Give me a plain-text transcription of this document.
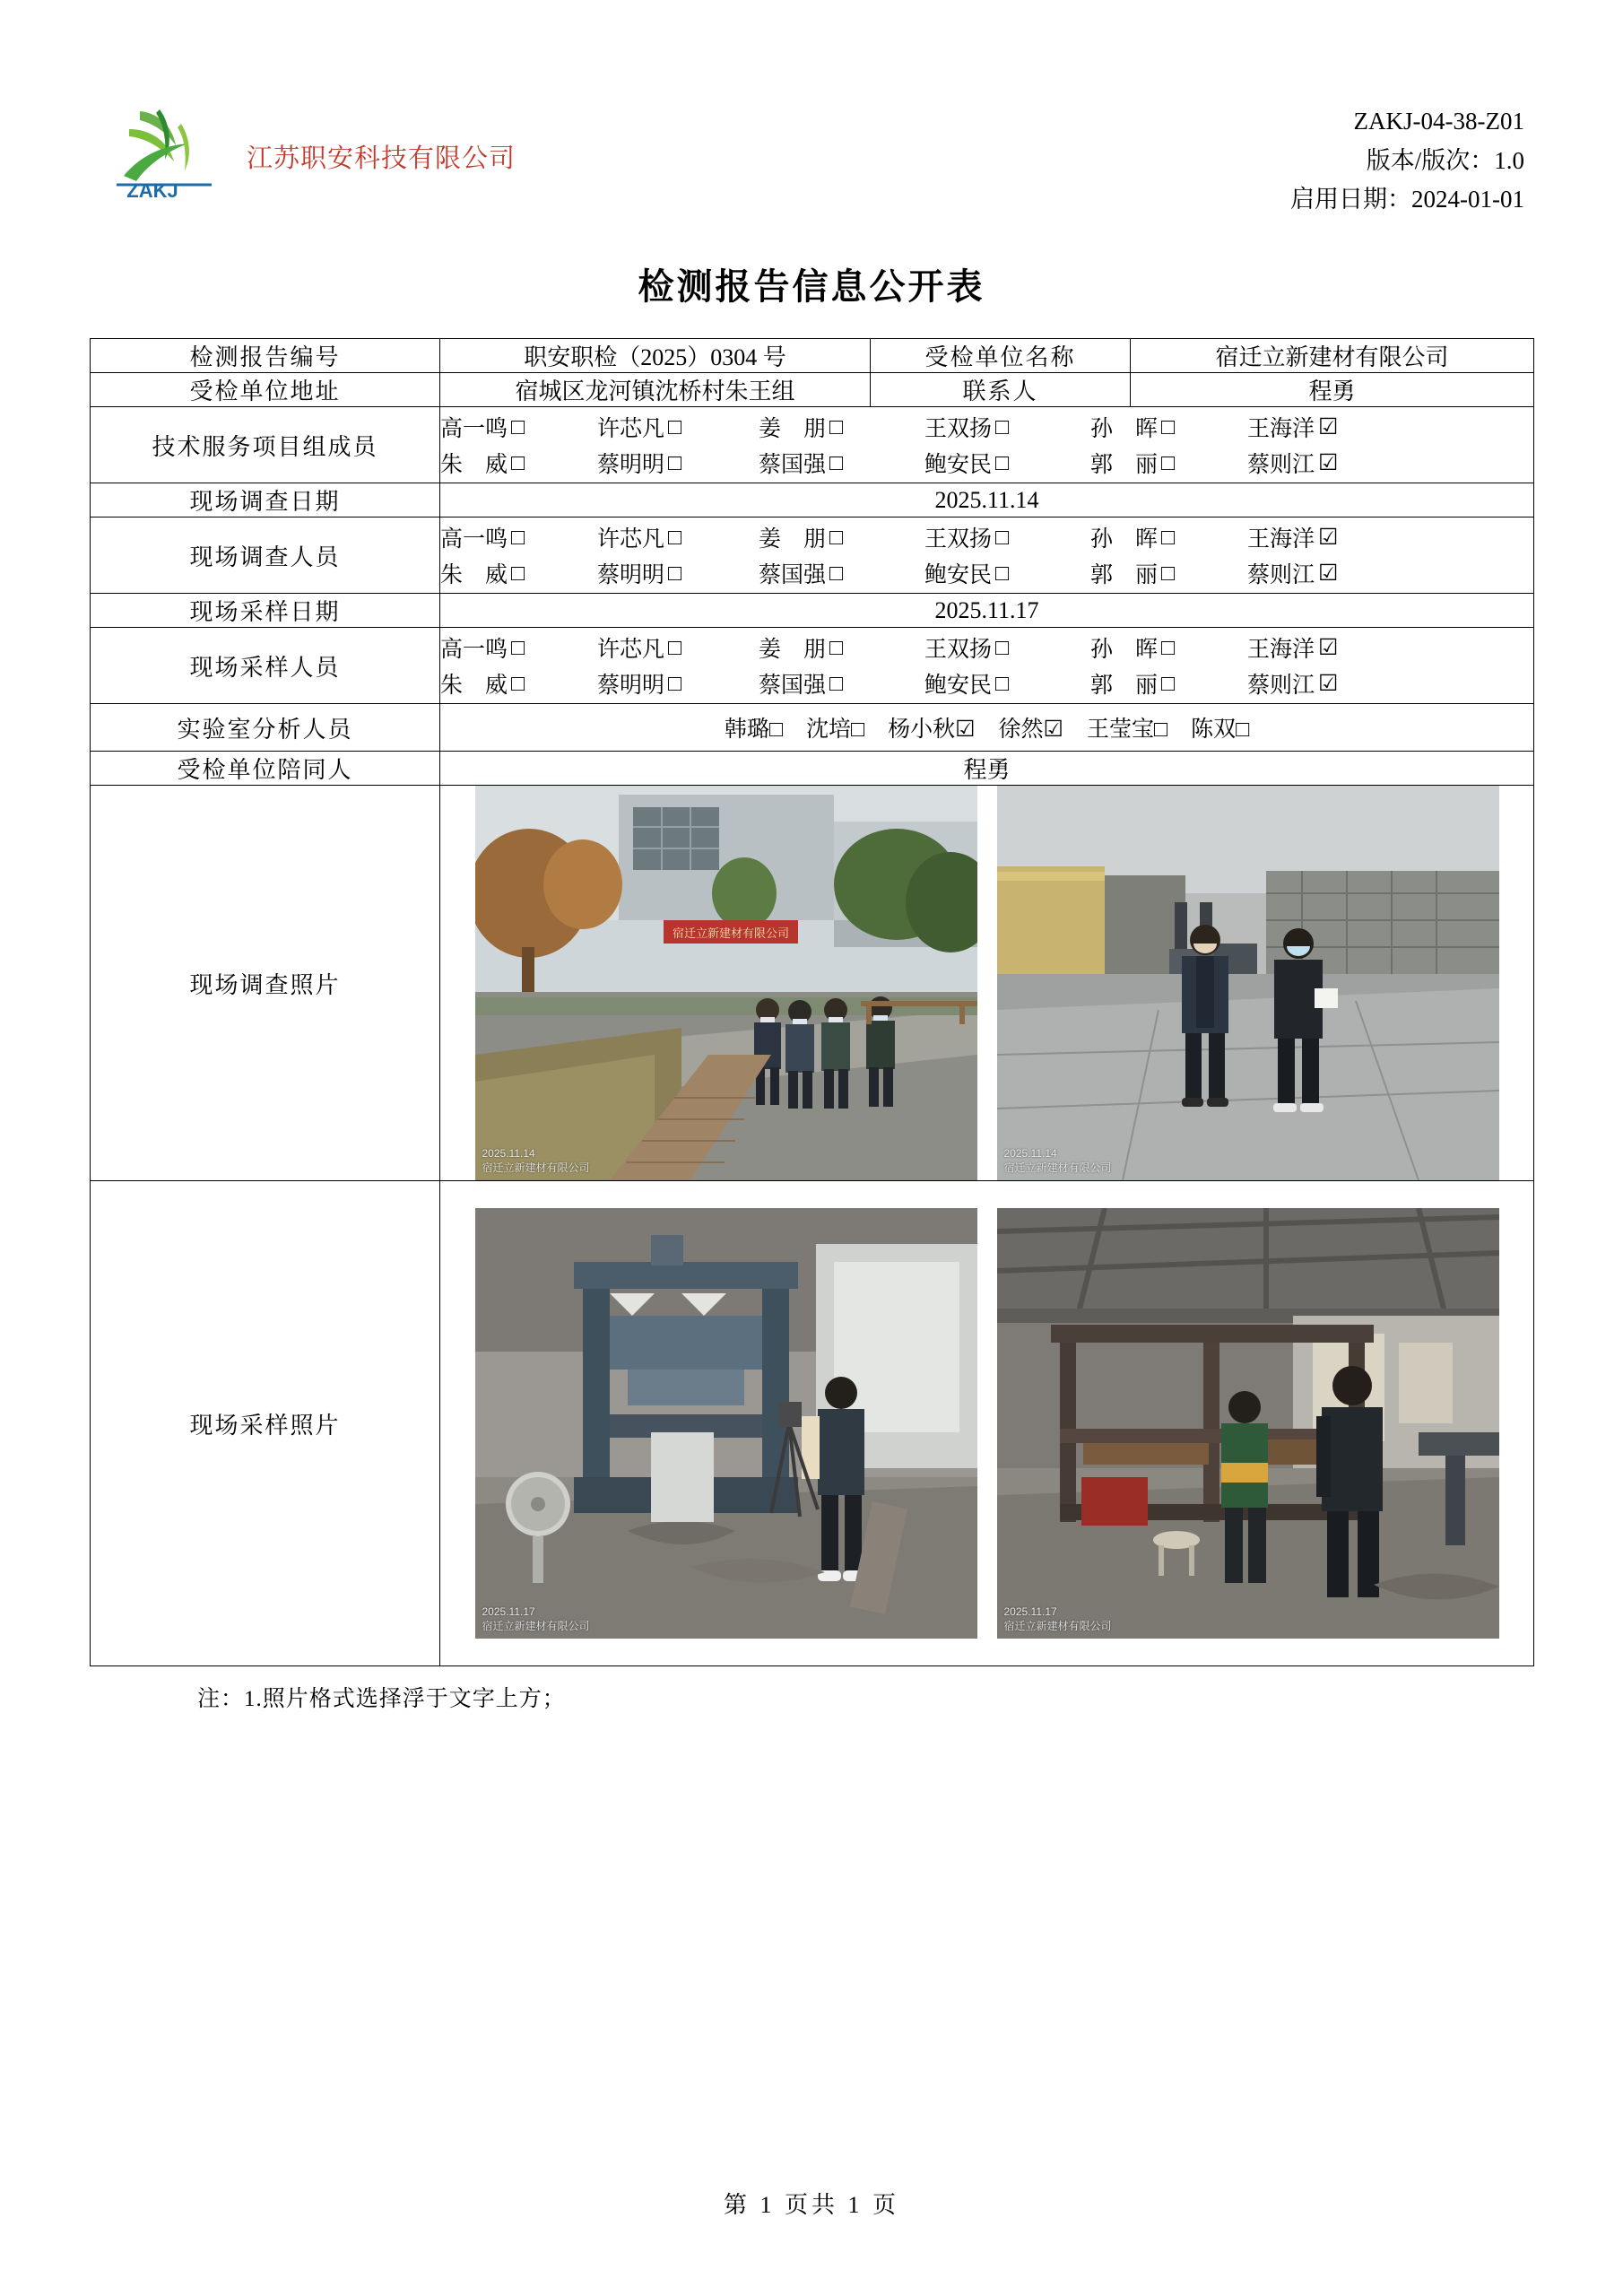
ZAKJ
江苏职安科技有限公司
ZAKJ-04-38-Z01
版本/版次：1.0
启用日期：2024-01-01
检测报告信息公开表
检测报告编号	职安职检（2025）0304 号	受检单位名称	宿迁立新建材有限公司
受检单位地址	宿城区龙河镇沈桥村朱王组	联系人	程勇
技术服务项目组成员	
高一鸣 □	许芯凡 □	姜　朋 □	王双扬 □	孙　晖 □	王海洋 ☑
朱　威 □	蔡明明 □	蔡国强 □	鲍安民 □	郭　丽 □	蔡则江 ☑

现场调查日期	2025.11.14		
现场调查人员	
高一鸣 □	许芯凡 □	姜　朋 □	王双扬 □	孙　晖 □	王海洋 ☑
朱　威 □	蔡明明 □	蔡国强 □	鲍安民 □	郭　丽 □	蔡则江 ☑

现场采样日期	2025.11.17		
现场采样人员	
高一鸣 □	许芯凡 □	姜　朋 □	王双扬 □	孙　晖 □	王海洋 ☑
朱　威 □	蔡明明 □	蔡国强 □	鲍安民 □	郭　丽 □	蔡则江 ☑

实验室分析人员	韩璐□ 沈培□ 杨小秋☑ 徐然☑ 王莹宝□ 陈双□

受检单位陪同人	程勇		
现场调查照片	宿迁立新建材有限公司
2025.11.14
宿迁立新建材有限公司
2025.11.14
宿迁立新建材有限公司		

现场采样照片	2025.11.17
宿迁立新建材有限公司
2025.11.17
宿迁立新建材有限公司		
注：1.照片格式选择浮于文字上方；
第 1 页共 1 页
